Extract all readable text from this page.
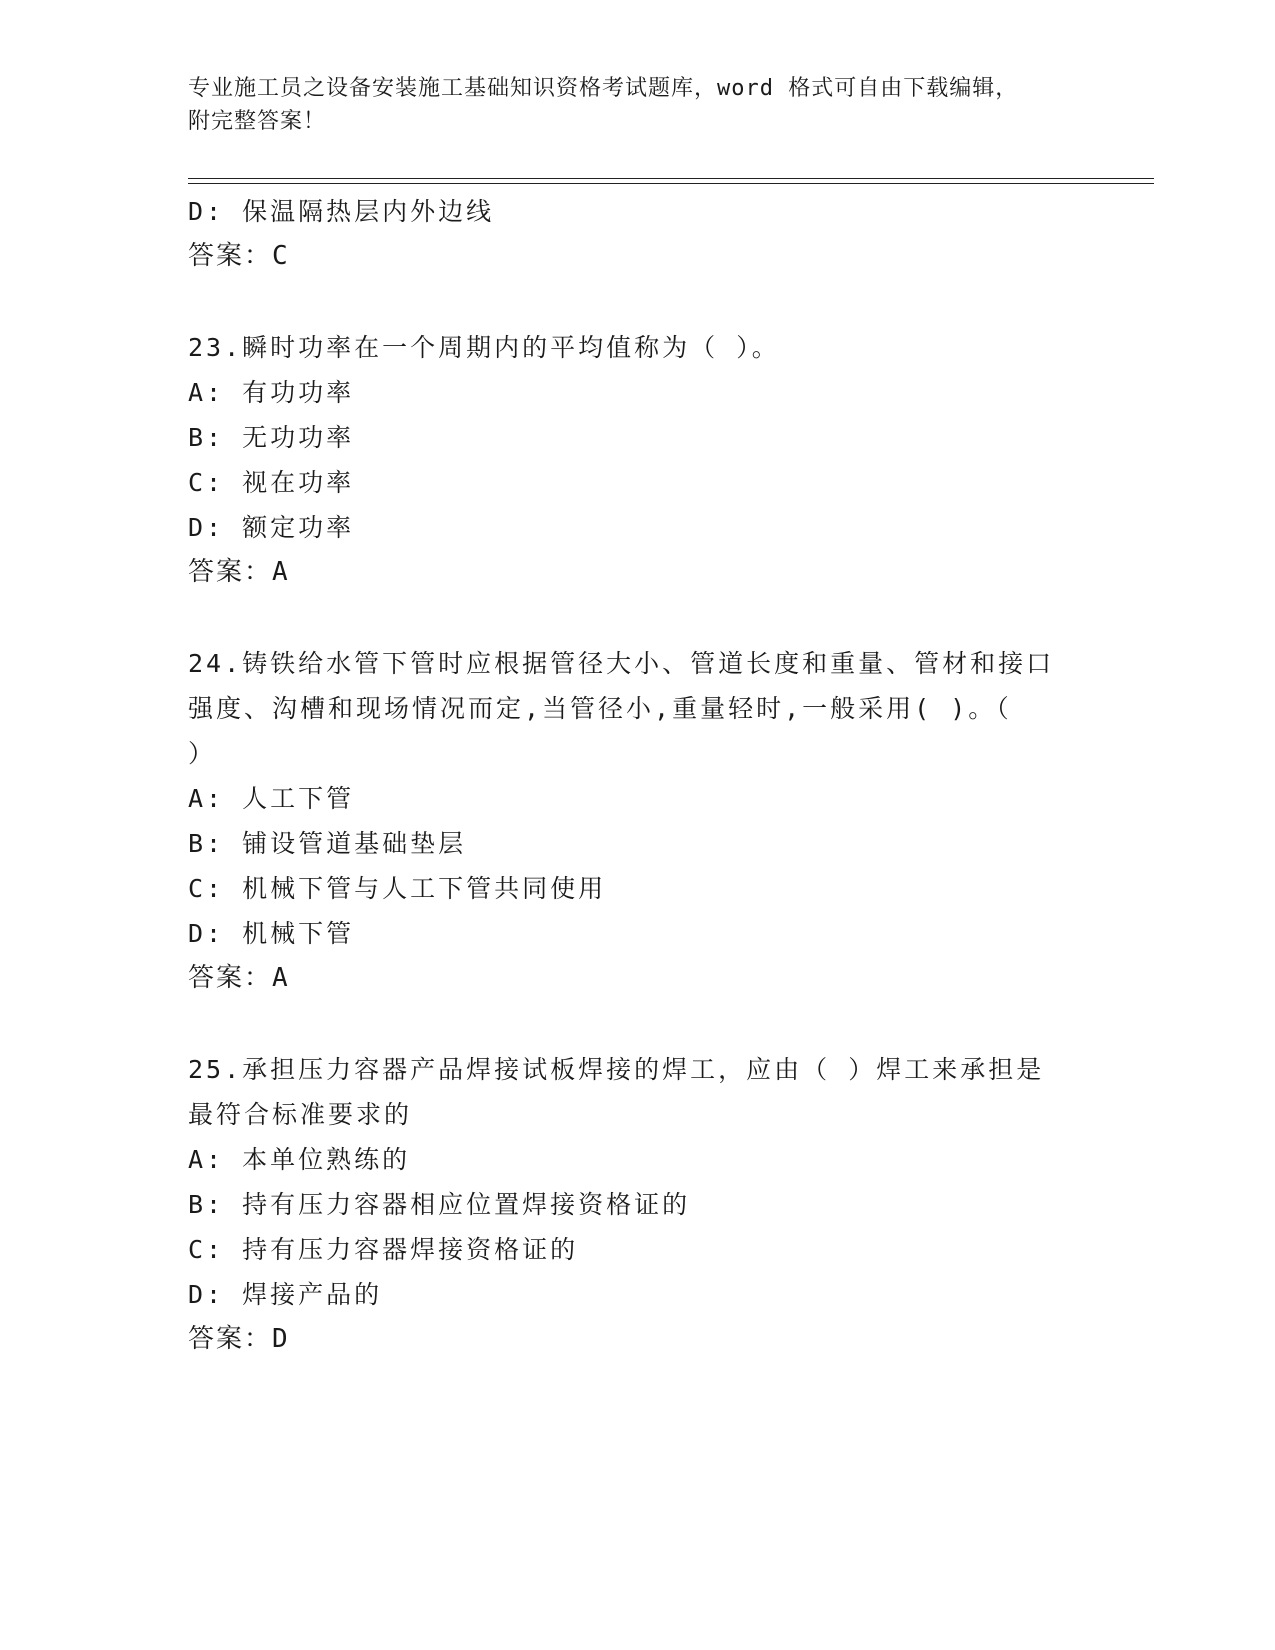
专业施工员之设备安装施工基础知识资格考试题库，word 格式可自由下载编辑，
附完整答案！
D: 保温隔热层内外边线
答案：C
23.瞬时功率在一个周期内的平均值称为（ ）。
A: 有功功率
B: 无功功率
C: 视在功率
D: 额定功率
答案：A
24.铸铁给水管下管时应根据管径大小、管道长度和重量、管材和接口
强度、沟槽和现场情况而定,当管径小,重量轻时,一般采用( )。（
）
A: 人工下管
B: 铺设管道基础垫层
C: 机械下管与人工下管共同使用
D: 机械下管
答案：A
25.承担压力容器产品焊接试板焊接的焊工，应由（ ）焊工来承担是
最符合标准要求的
A: 本单位熟练的
B: 持有压力容器相应位置焊接资格证的
C: 持有压力容器焊接资格证的
D: 焊接产品的
答案：D
